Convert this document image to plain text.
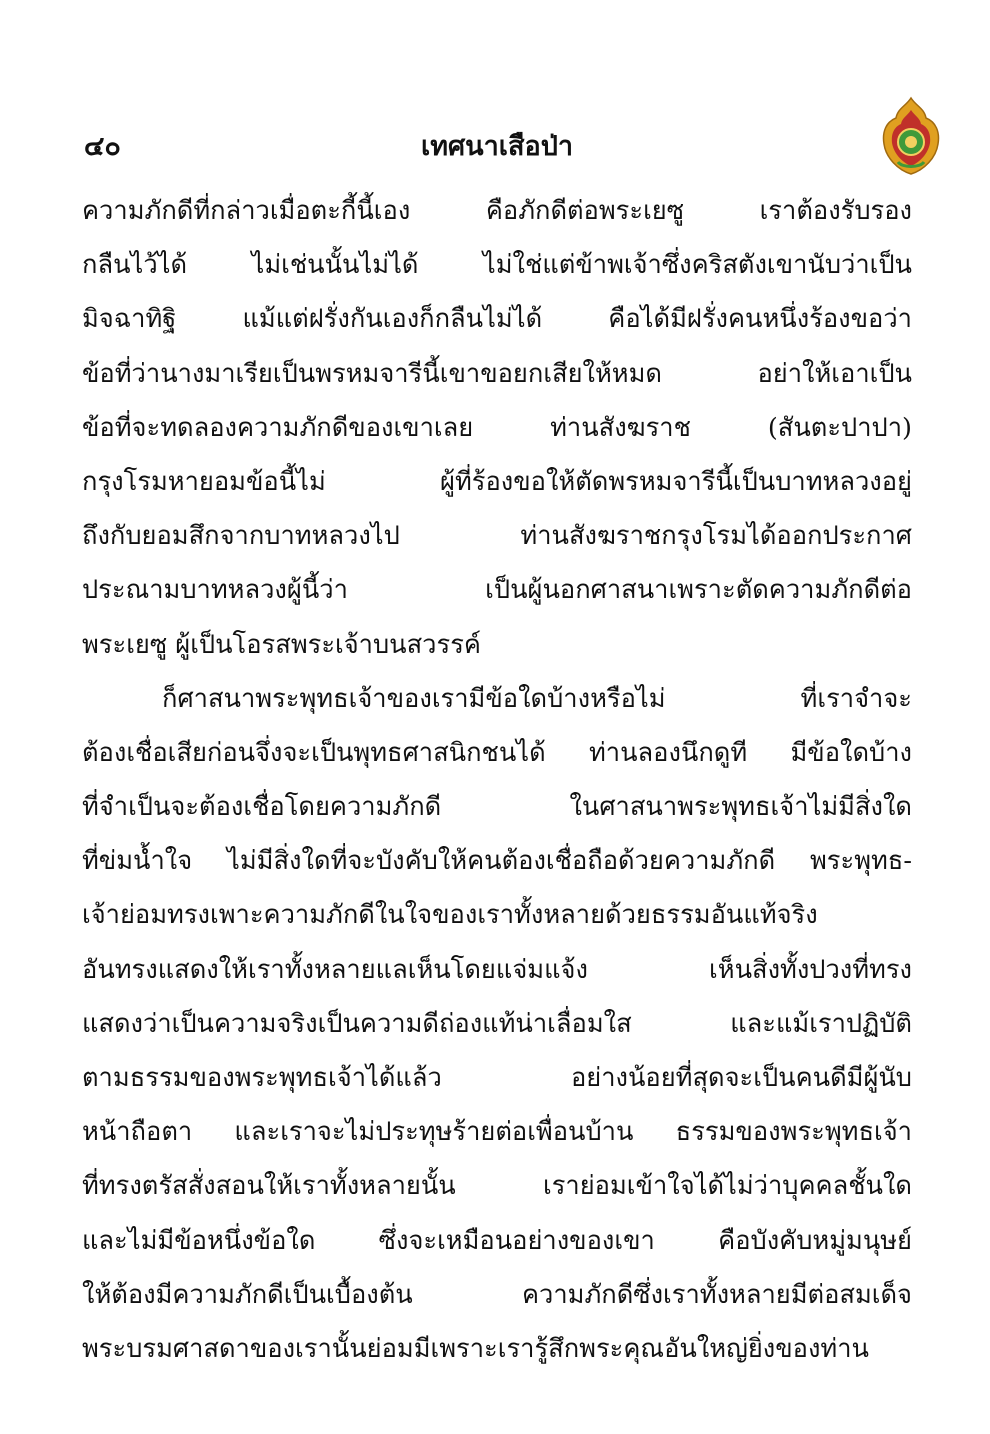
๔๐	เทศนาเสือป่า
ความภักดีที่กล่าวเมื่อตะกี้นี้เอง คือภักดีต่อพระเยซู เราต้องรับรอง
กลืนไว้ได้ ไม่เช่นนั้นไม่ได้ ไม่ใช่แต่ข้าพเจ้าซึ่งคริสตังเขานับว่าเป็น
มิจฉาทิฐิ แม้แต่ฝรั่งกันเองก็กลืนไม่ได้ คือได้มีฝรั่งคนหนึ่งร้องขอว่า
ข้อที่ว่านางมาเรียเป็นพรหมจารีนี้เขาขอยกเสียให้หมด อย่าให้เอาเป็น
ข้อที่จะทดลองความภักดีของเขาเลย ท่านสังฆราช (สันตะปาปา)
กรุงโรมหายอมข้อนี้ไม่ ผู้ที่ร้องขอให้ตัดพรหมจารีนี้เป็นบาทหลวงอยู่
ถึงกับยอมสึกจากบาทหลวงไป ท่านสังฆราชกรุงโรมได้ออกประกาศ
ประณามบาทหลวงผู้นี้ว่า เป็นผู้นอกศาสนาเพราะตัดความภักดีต่อ
พระเยซู ผู้เป็นโอรสพระเจ้าบนสวรรค์
ก็ศาสนาพระพุทธเจ้าของเรามีข้อใดบ้างหรือไม่ ที่เราจำจะ
ต้องเชื่อเสียก่อนจึ่งจะเป็นพุทธศาสนิกชนได้ ท่านลองนึกดูที มีข้อใดบ้าง
ที่จำเป็นจะต้องเชื่อโดยความภักดี ในศาสนาพระพุทธเจ้าไม่มีสิ่งใด
ที่ข่มน้ำใจ ไม่มีสิ่งใดที่จะบังคับให้คนต้องเชื่อถือด้วยความภักดี พระพุทธ-
เจ้าย่อมทรงเพาะความภักดีในใจของเราทั้งหลายด้วยธรรมอันแท้จริง
อันทรงแสดงให้เราทั้งหลายแลเห็นโดยแจ่มแจ้ง เห็นสิ่งทั้งปวงที่ทรง
แสดงว่าเป็นความจริงเป็นความดีถ่องแท้น่าเลื่อมใส และแม้เราปฏิบัติ
ตามธรรมของพระพุทธเจ้าได้แล้ว อย่างน้อยที่สุดจะเป็นคนดีมีผู้นับ
หน้าถือตา และเราจะไม่ประทุษร้ายต่อเพื่อนบ้าน ธรรมของพระพุทธเจ้า
ที่ทรงตรัสสั่งสอนให้เราทั้งหลายนั้น เราย่อมเข้าใจได้ไม่ว่าบุคคลชั้นใด
และไม่มีข้อหนึ่งข้อใด ซึ่งจะเหมือนอย่างของเขา คือบังคับหมู่มนุษย์
ให้ต้องมีความภักดีเป็นเบื้องต้น ความภักดีซึ่งเราทั้งหลายมีต่อสมเด็จ
พระบรมศาสดาของเรานั้นย่อมมีเพราะเรารู้สึกพระคุณอันใหญ่ยิ่งของท่าน
